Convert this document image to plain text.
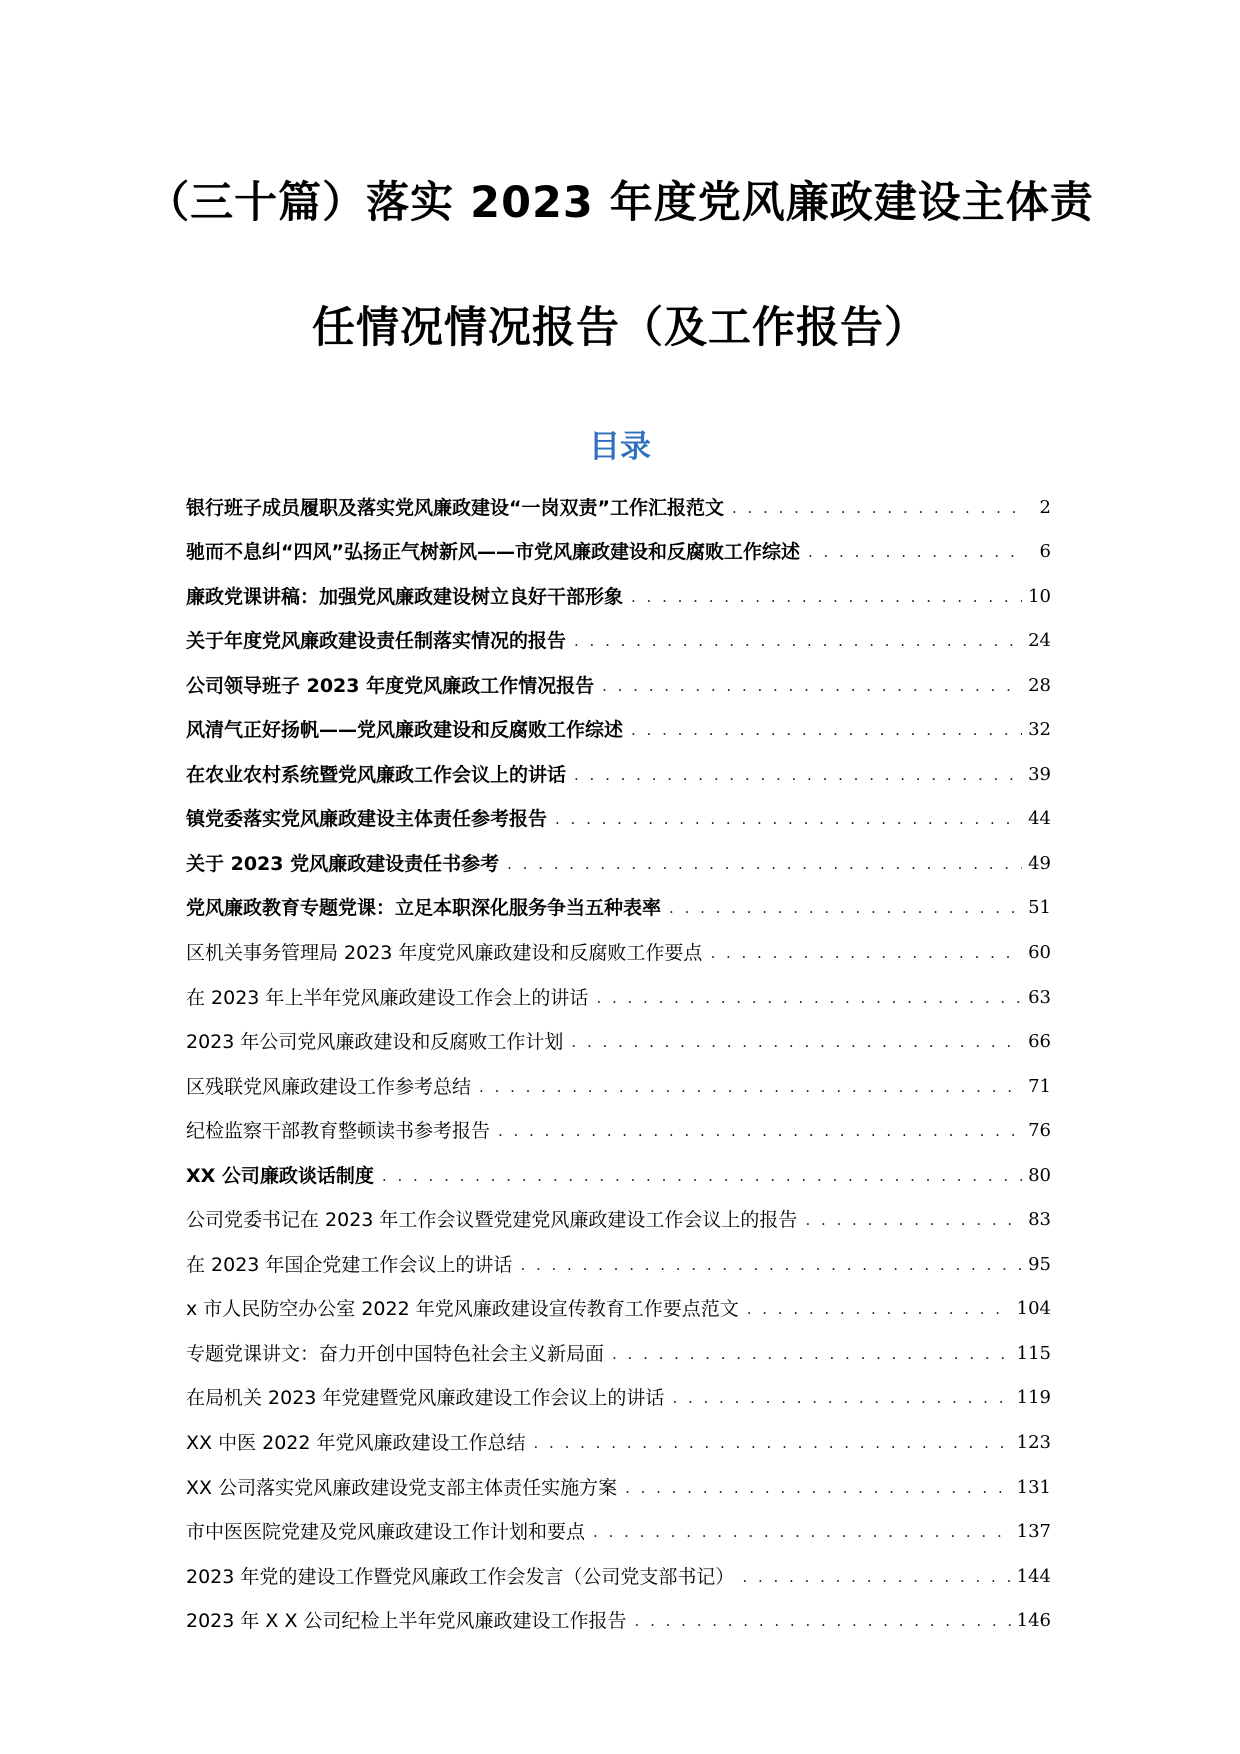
（三十篇）落实 2023 年度党风廉政建设主体责
任情况情况报告（及工作报告）
目录
银行班子成员履职及落实党风廉政建设“一岗双责”工作汇报范文 . . .	2
驰而不息纠“四风”弘扬正气树新风——市党风廉政建设和反腐败工作综述 . . .	6
廉政党课讲稿：加强党风廉政建设树立良好干部形象 . . .	10
关于年度党风廉政建设责任制落实情况的报告 . . .	24
公司领导班子 2023 年度党风廉政工作情况报告 . . .	28
风清气正好扬帆——党风廉政建设和反腐败工作综述 . . .	32
在农业农村系统暨党风廉政工作会议上的讲话 . . .	39
镇党委落实党风廉政建设主体责任参考报告 . . .	44
关于 2023 党风廉政建设责任书参考 . . .	49
党风廉政教育专题党课：立足本职深化服务争当五种表率 . . .	51
区机关事务管理局 2023 年度党风廉政建设和反腐败工作要点 . . .	60
在 2023 年上半年党风廉政建设工作会上的讲话 . . .	63
2023 年公司党风廉政建设和反腐败工作计划 . . .	66
区残联党风廉政建设工作参考总结 . . .	71
纪检监察干部教育整顿读书参考报告 . . .	76
XX 公司廉政谈话制度 . . .	80
公司党委书记在 2023 年工作会议暨党建党风廉政建设工作会议上的报告 . . .	83
在 2023 年国企党建工作会议上的讲话 . . .	95
x 市人民防空办公室 2022 年党风廉政建设宣传教育工作要点范文 . . .	104
专题党课讲文：奋力开创中国特色社会主义新局面 . . .	115
在局机关 2023 年党建暨党风廉政建设工作会议上的讲话 . . .	119
XX 中医 2022 年党风廉政建设工作总结 . . .	123
XX 公司落实党风廉政建设党支部主体责任实施方案 . . .	131
市中医医院党建及党风廉政建设工作计划和要点 . . .	137
2023 年党的建设工作暨党风廉政工作会发言（公司党支部书记） . . .	144
2023 年 X X 公司纪检上半年党风廉政建设工作报告 . . .	146
